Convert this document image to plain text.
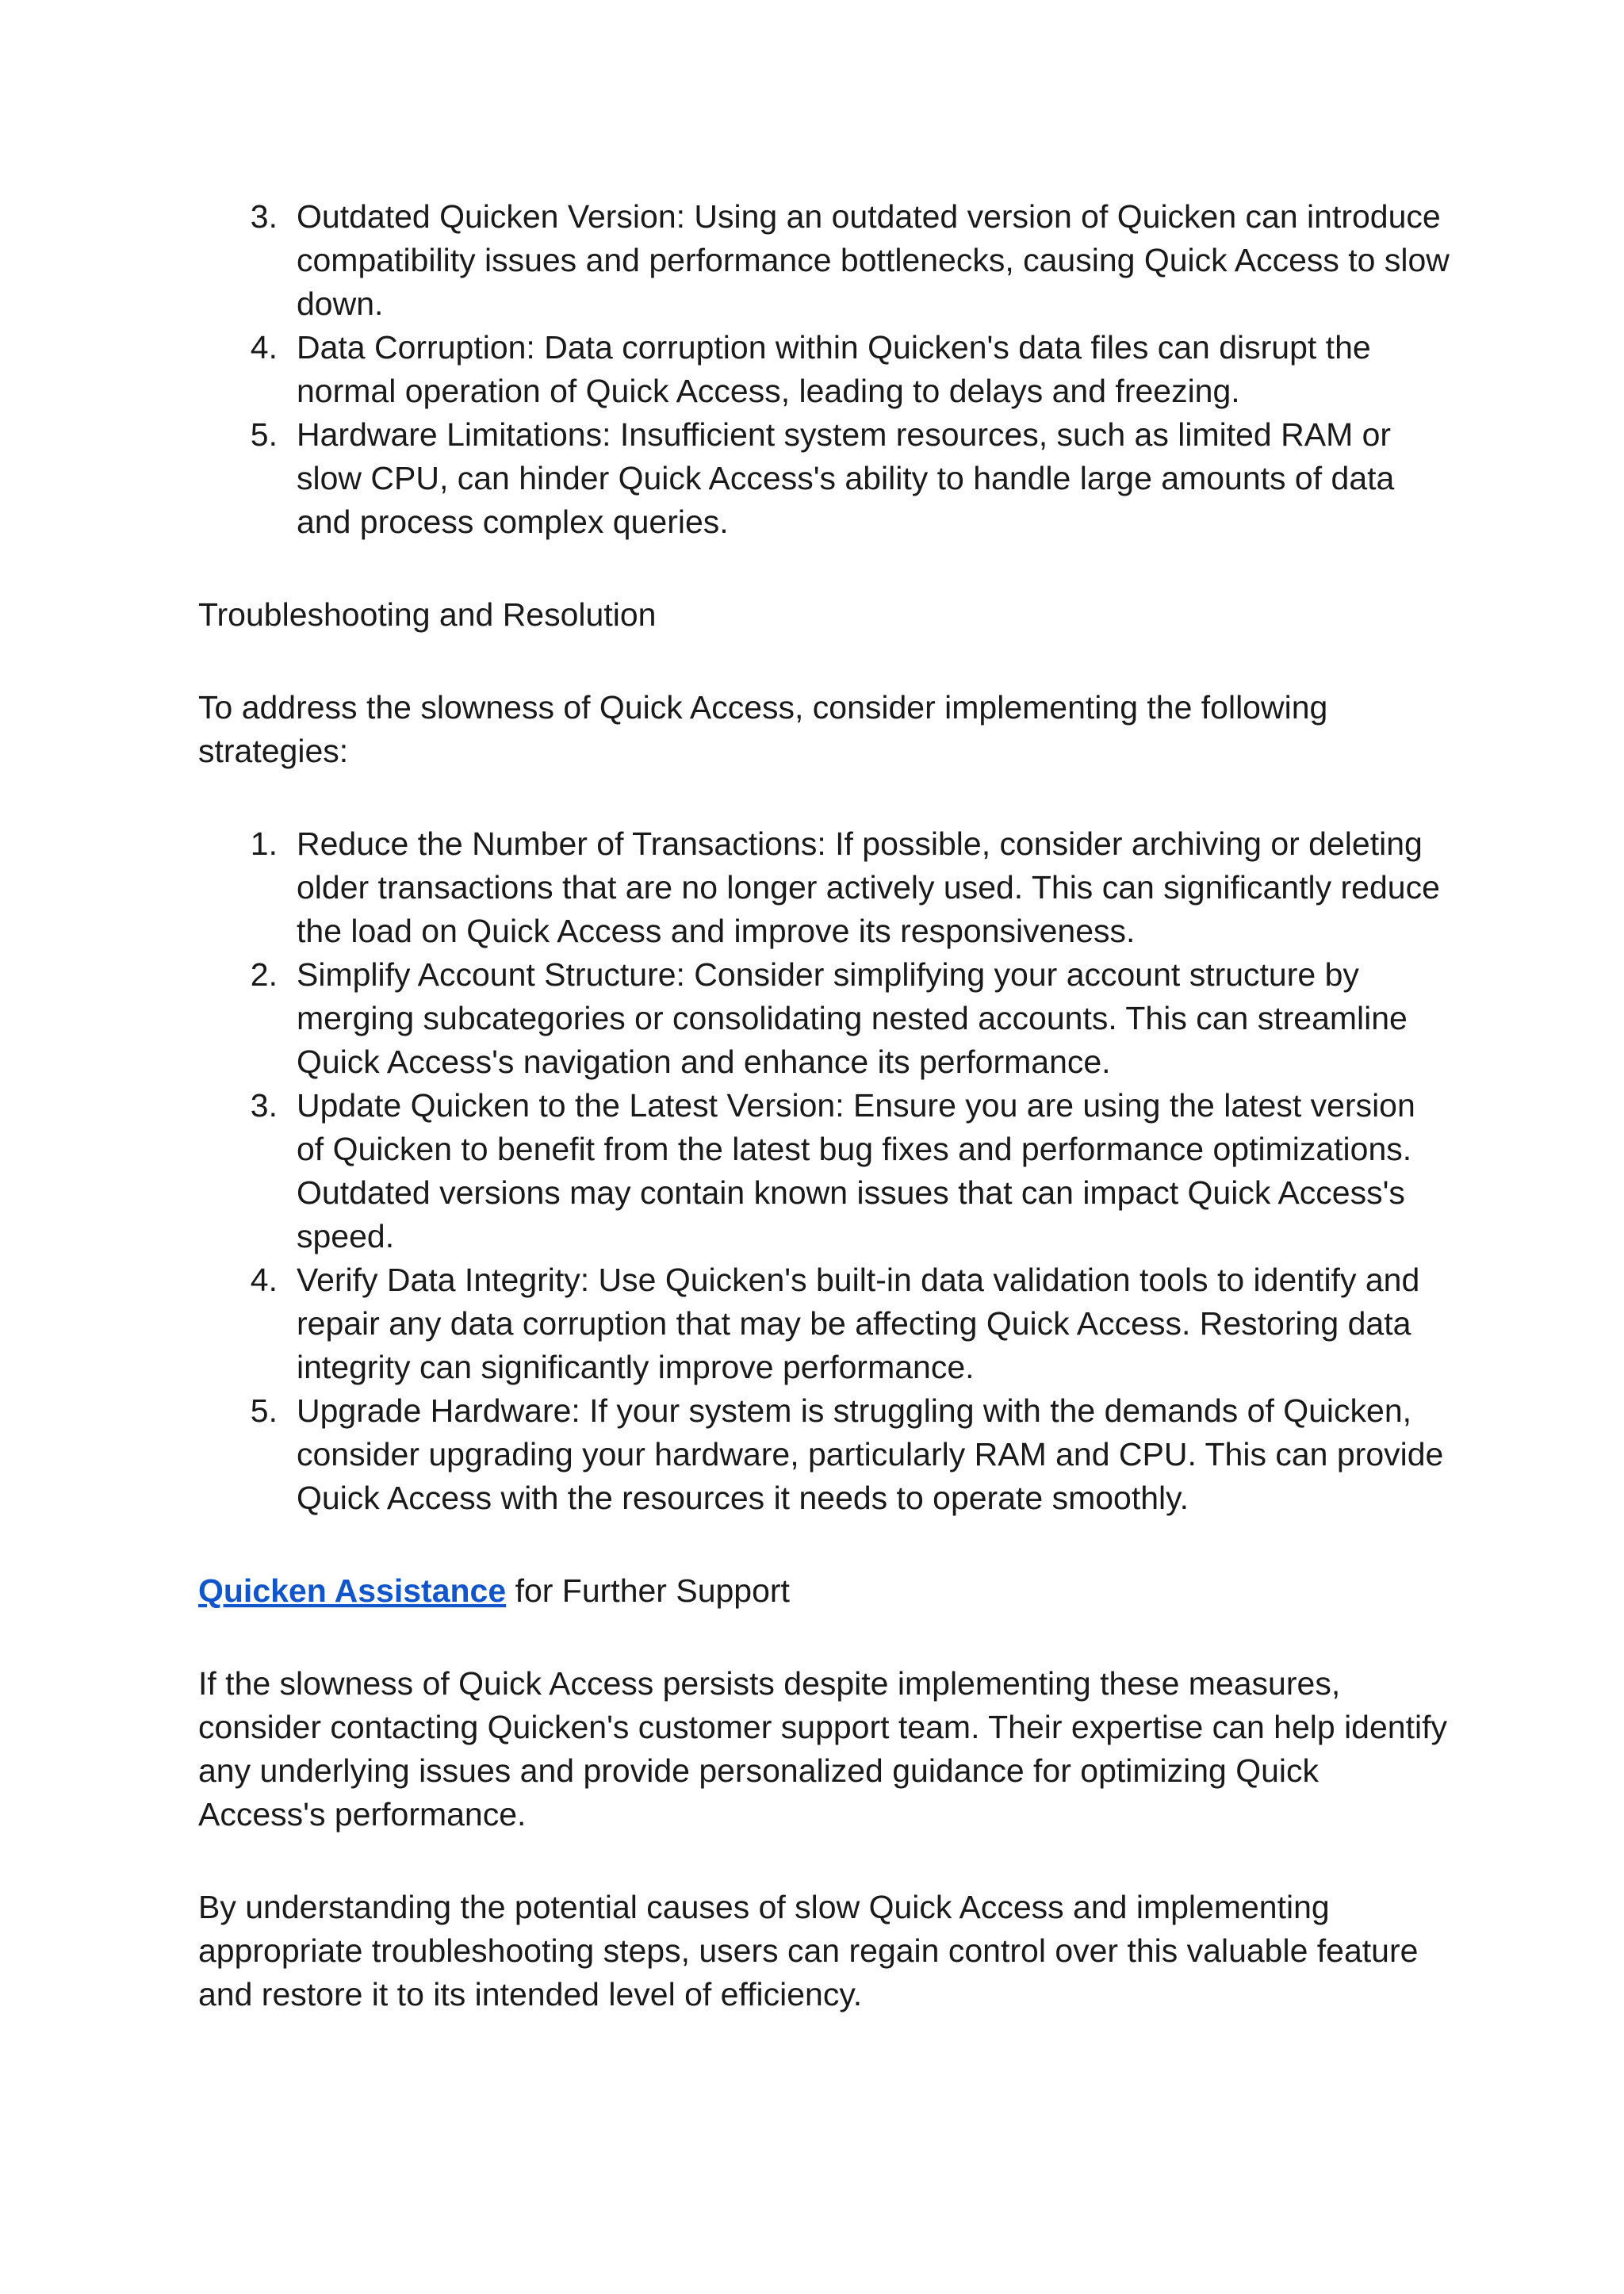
3. Outdated Quicken Version: Using an outdated version of Quicken can introduce compatibility issues and performance bottlenecks, causing Quick Access to slow down.
4. Data Corruption: Data corruption within Quicken's data files can disrupt the normal operation of Quick Access, leading to delays and freezing.
5. Hardware Limitations: Insufficient system resources, such as limited RAM or slow CPU, can hinder Quick Access's ability to handle large amounts of data and process complex queries.

Troubleshooting and Resolution

To address the slowness of Quick Access, consider implementing the following strategies:

1. Reduce the Number of Transactions: If possible, consider archiving or deleting older transactions that are no longer actively used. This can significantly reduce the load on Quick Access and improve its responsiveness.
2. Simplify Account Structure: Consider simplifying your account structure by merging subcategories or consolidating nested accounts. This can streamline Quick Access's navigation and enhance its performance.
3. Update Quicken to the Latest Version: Ensure you are using the latest version of Quicken to benefit from the latest bug fixes and performance optimizations. Outdated versions may contain known issues that can impact Quick Access's speed.
4. Verify Data Integrity: Use Quicken's built-in data validation tools to identify and repair any data corruption that may be affecting Quick Access. Restoring data integrity can significantly improve performance.
5. Upgrade Hardware: If your system is struggling with the demands of Quicken, consider upgrading your hardware, particularly RAM and CPU. This can provide Quick Access with the resources it needs to operate smoothly.

Quicken Assistance for Further Support

If the slowness of Quick Access persists despite implementing these measures, consider contacting Quicken's customer support team. Their expertise can help identify any underlying issues and provide personalized guidance for optimizing Quick Access's performance.

By understanding the potential causes of slow Quick Access and implementing appropriate troubleshooting steps, users can regain control over this valuable feature and restore it to its intended level of efficiency.
